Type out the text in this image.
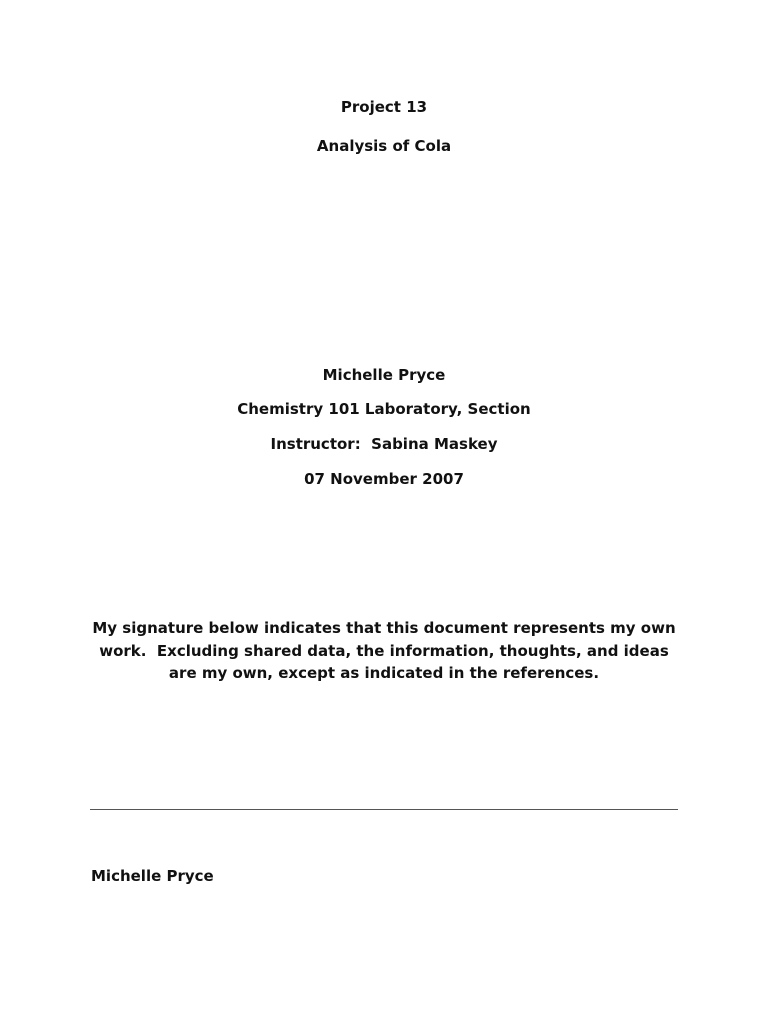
Project 13
Analysis of Cola
Michelle Pryce
Chemistry 101 Laboratory, Section
Instructor:  Sabina Maskey
07 November 2007
My signature below indicates that this document represents my own work.  Excluding shared data, the information, thoughts, and ideas are my own, except as indicated in the references.
Michelle Pryce
